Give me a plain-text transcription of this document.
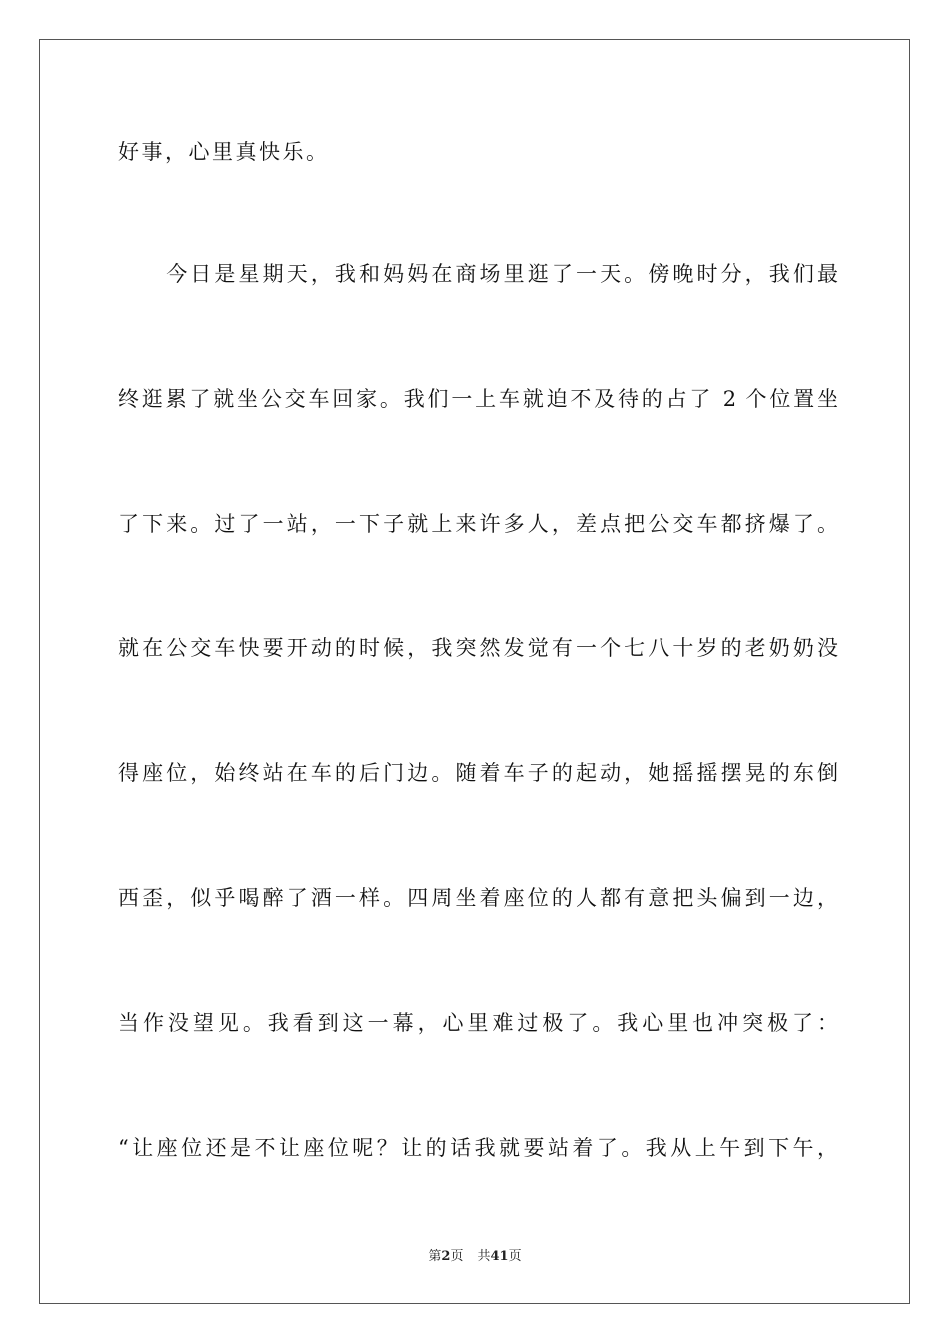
好事，心里真快乐。
　　今日是星期天，我和妈妈在商场里逛了一天。傍晚时分，我们最
终逛累了就坐公交车回家。我们一上车就迫不及待的占了 2 个位置坐
了下来。过了一站，一下子就上来许多人，差点把公交车都挤爆了。
就在公交车快要开动的时候，我突然发觉有一个七八十岁的老奶奶没
得座位，始终站在车的后门边。随着车子的起动，她摇摇摆晃的东倒
西歪，似乎喝醉了酒一样。四周坐着座位的人都有意把头偏到一边，
当作没望见。我看到这一幕，心里难过极了。我心里也冲突极了：
“让座位还是不让座位呢？让的话我就要站着了。我从上午到下午，
第2页 共41页
